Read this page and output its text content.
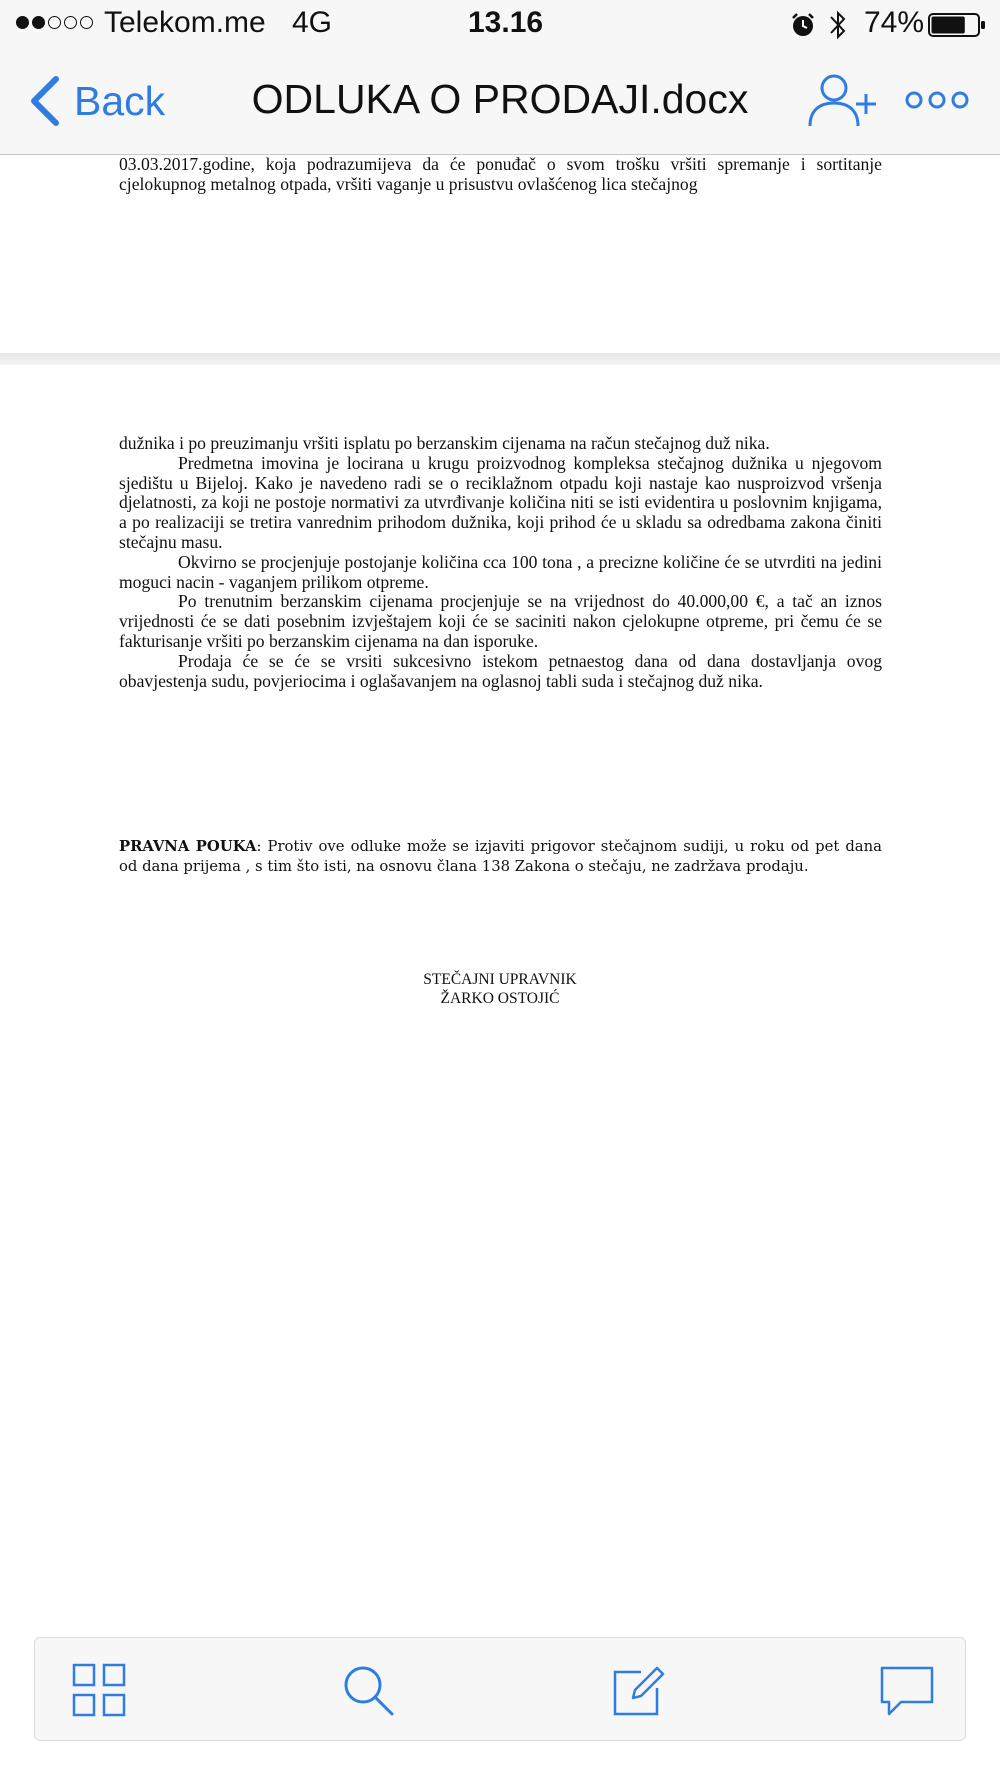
Telekom.me 4G	13.16	74%
Back	ODLUKA O PRODAJI.docx

03.03.2017.godine, koja podrazumijeva da će ponuđač o svom trošku vršiti spremanje i sortitanje cjelokupnog metalnog otpada, vršiti vaganje u prisustvu ovlašćenog lica stečajnog

dužnika i po preuzimanju vršiti isplatu po berzanskim cijenama na račun stečajnog duž nika.

Predmetna imovina je locirana u krugu proizvodnog kompleksa stečajnog dužnika u njegovom sjedištu u Bijeloj. Kako je navedeno radi se o reciklažnom otpadu koji nastaje kao nusproizvod vršenja djelatnosti, za koji ne postoje normativi za utvrđivanje količina niti se isti evidentira u poslovnim knjigama, a po realizaciji se tretira vanrednim prihodom dužnika, koji prihod će u skladu sa odredbama zakona činiti stečajnu masu.

Okvirno se procjenjuje postojanje količina cca 100 tona , a precizne količine će se utvrditi na jedini moguci nacin - vaganjem prilikom otpreme.

Po trenutnim berzanskim cijenama procjenjuje se na vrijednost do 40.000,00 €, a tač an iznos vrijednosti će se dati posebnim izvještajem koji će se saciniti nakon cjelokupne otpreme, pri čemu će se fakturisanje vršiti po berzanskim cijenama na dan isporuke.

Prodaja će se će se vrsiti sukcesivno istekom petnaestog dana od dana dostavljanja ovog obavjestenja sudu, povjeriocima i oglašavanjem na oglasnoj tabli suda i stečajnog duž nika.

PRAVNA POUKA: Protiv ove odluke može se izjaviti prigovor stečajnom sudiji, u roku od pet dana od dana prijema , s tim što isti, na osnovu člana 138 Zakona o stečaju, ne zadržava prodaju.
STEČAJNI UPRAVNIK
ŽARKO OSTOJIĆ
